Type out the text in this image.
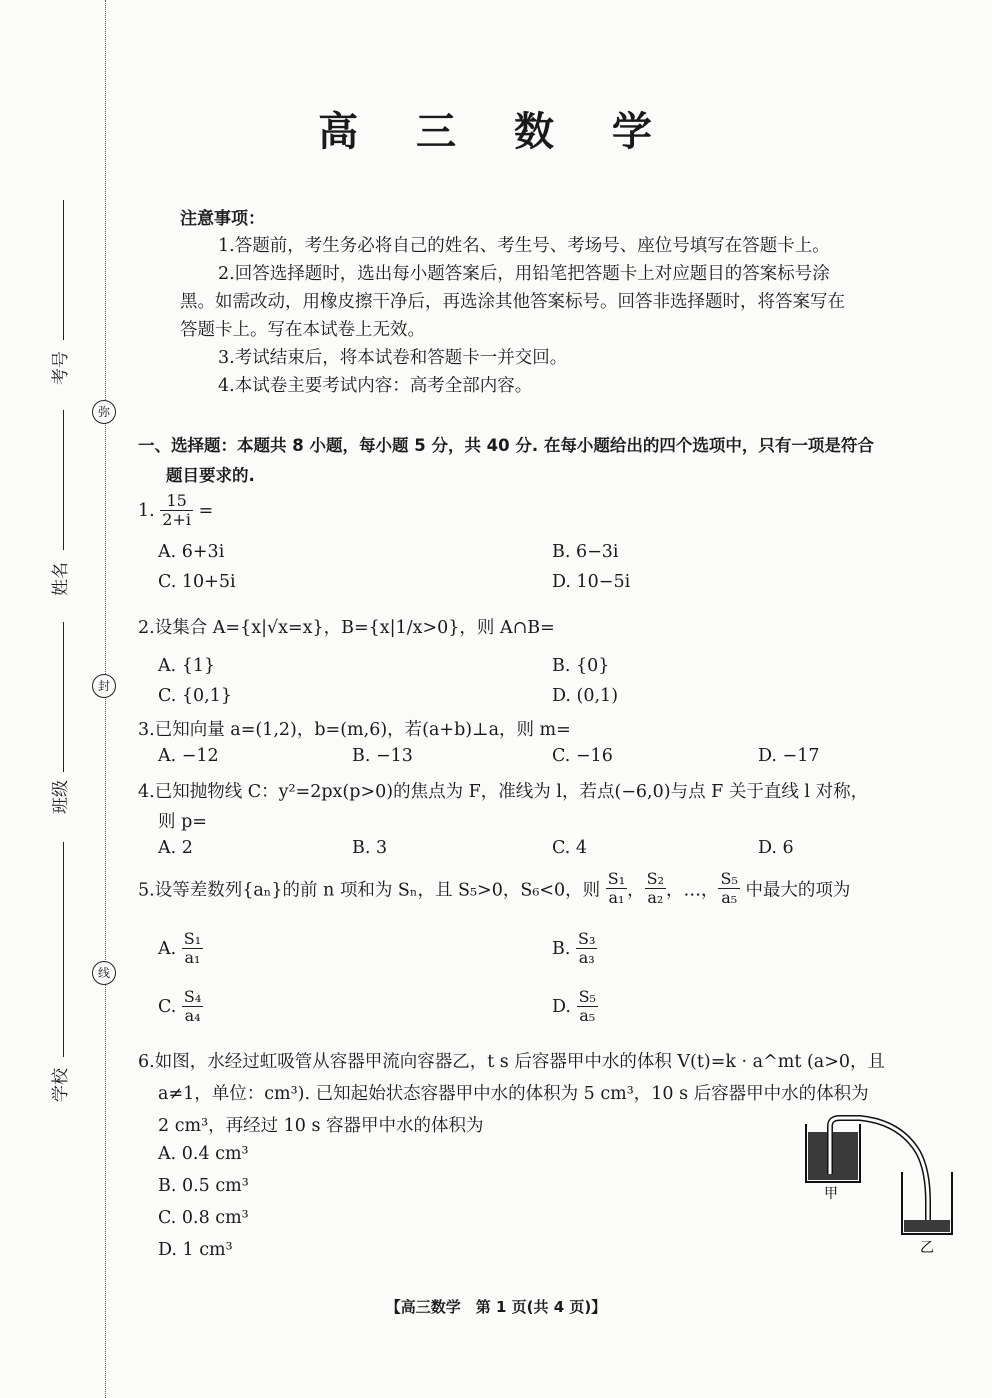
考号
姓名
班级
学校
弥
封
线
高 三 数 学
注意事项：
1.答题前，考生务必将自己的姓名、考生号、考场号、座位号填写在答题卡上。
2.回答选择题时，选出每小题答案后，用铅笔把答题卡上对应题目的答案标号涂
黑。如需改动，用橡皮擦干净后，再选涂其他答案标号。回答非选择题时，将答案写在
答题卡上。写在本试卷上无效。
3.考试结束后，将本试卷和答题卡一并交回。
4.本试卷主要考试内容：高考全部内容。
一、选择题：本题共 8 小题，每小题 5 分，共 40 分. 在每小题给出的四个选项中，只有一项是符合
题目要求的.
1. $\frac{15}{2+i}$ =
A. 6+3i	B. 6−3i
C. 10+5i	D. 10−5i
2.设集合 A={x|√x=x}，B={x|1/x>0}，则 A∩B=
A. {1}	B. {0}
C. {0,1}	D. (0,1)
3.已知向量 a=(1,2)，b=(m,6)，若(a+b)⊥a，则 m=
A. −12	B. −13	C. −16	D. −17
4.已知抛物线 C：y²=2px(p>0)的焦点为 F，准线为 l，若点(−6,0)与点 F 关于直线 l 对称，
则 p=
A. 2	B. 3	C. 4	D. 6
5.设等差数列{aₙ}的前 n 项和为 Sₙ，且 S₅>0，S₆<0，则 $\frac{\text{S₁}}{\text{a₁}}$ ， $\frac{\text{S₂}}{\text{a₂}}$ ，…， $\frac{\text{S₅}}{\text{a₅}}$ 中最大的项为
A. $\frac{\text{S₁}}{\text{a₁}}$	B. $\frac{\text{S₃}}{\text{a₃}}$
C. $\frac{\text{S₄}}{\text{a₄}}$	D. $\frac{\text{S₅}}{\text{a₅}}$
6.如图，水经过虹吸管从容器甲流向容器乙，t s 后容器甲中水的体积 V(t)=k · a^mt (a>0，且
a≠1，单位：cm³). 已知起始状态容器甲中水的体积为 5 cm³，10 s 后容器甲中水的体积为
2 cm³，再经过 10 s 容器甲中水的体积为
A. 0.4 cm³
B. 0.5 cm³
C. 0.8 cm³
D. 1 cm³
甲
乙
【高三数学　第 1 页(共 4 页)】
